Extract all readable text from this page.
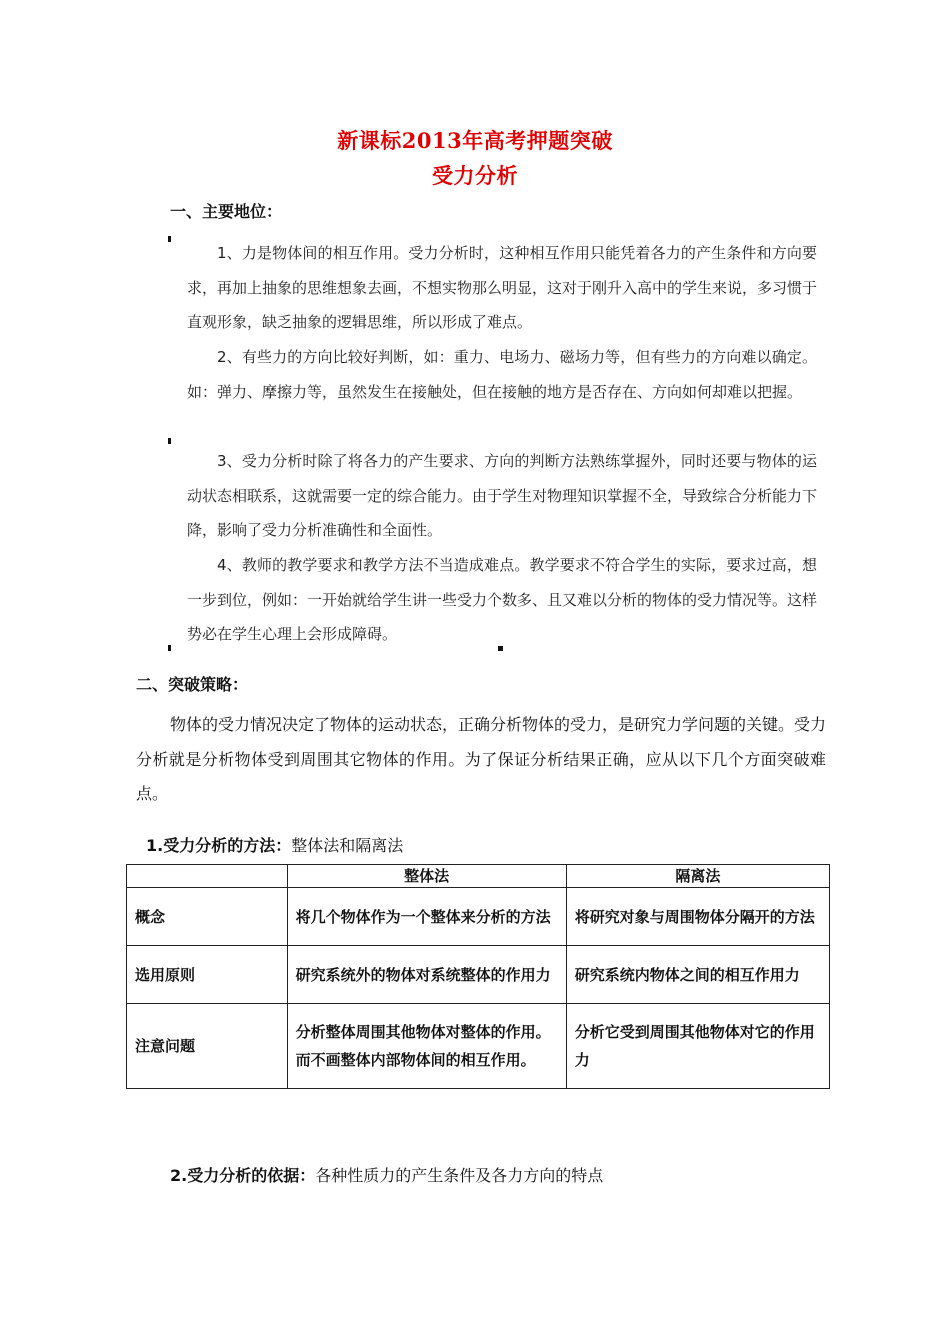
新课标2013年高考押题突破
受力分析
一、主要地位：
1、力是物体间的相互作用。受力分析时，这种相互作用只能凭着各力的产生条件和方向要求，再加上抽象的思维想象去画，不想实物那么明显，这对于刚升入高中的学生来说，多习惯于直观形象，缺乏抽象的逻辑思维，所以形成了难点。
2、有些力的方向比较好判断，如：重力、电场力、磁场力等，但有些力的方向难以确定。如：弹力、摩擦力等，虽然发生在接触处，但在接触的地方是否存在、方向如何却难以把握。
3、受力分析时除了将各力的产生要求、方向的判断方法熟练掌握外，同时还要与物体的运动状态相联系，这就需要一定的综合能力。由于学生对物理知识掌握不全，导致综合分析能力下降，影响了受力分析准确性和全面性。
4、教师的教学要求和教学方法不当造成难点。教学要求不符合学生的实际，要求过高，想一步到位，例如：一开始就给学生讲一些受力个数多、且又难以分析的物体的受力情况等。这样势必在学生心理上会形成障碍。
二、突破策略：
物体的受力情况决定了物体的运动状态，正确分析物体的受力，是研究力学问题的关键。受力分析就是分析物体受到周围其它物体的作用。为了保证分析结果正确，应从以下几个方面突破难点。
1.受力分析的方法：整体法和隔离法
	整体法	隔离法
概念	将几个物体作为一个整体来分析的方法	将研究对象与周围物体分隔开的方法
选用原则	研究系统外的物体对系统整体的作用力	研究系统内物体之间的相互作用力
注意问题	分析整体周围其他物体对整体的作用。而不画整体内部物体间的相互作用。	分析它受到周围其他物体对它的作用力
2.受力分析的依据：各种性质力的产生条件及各力方向的特点
